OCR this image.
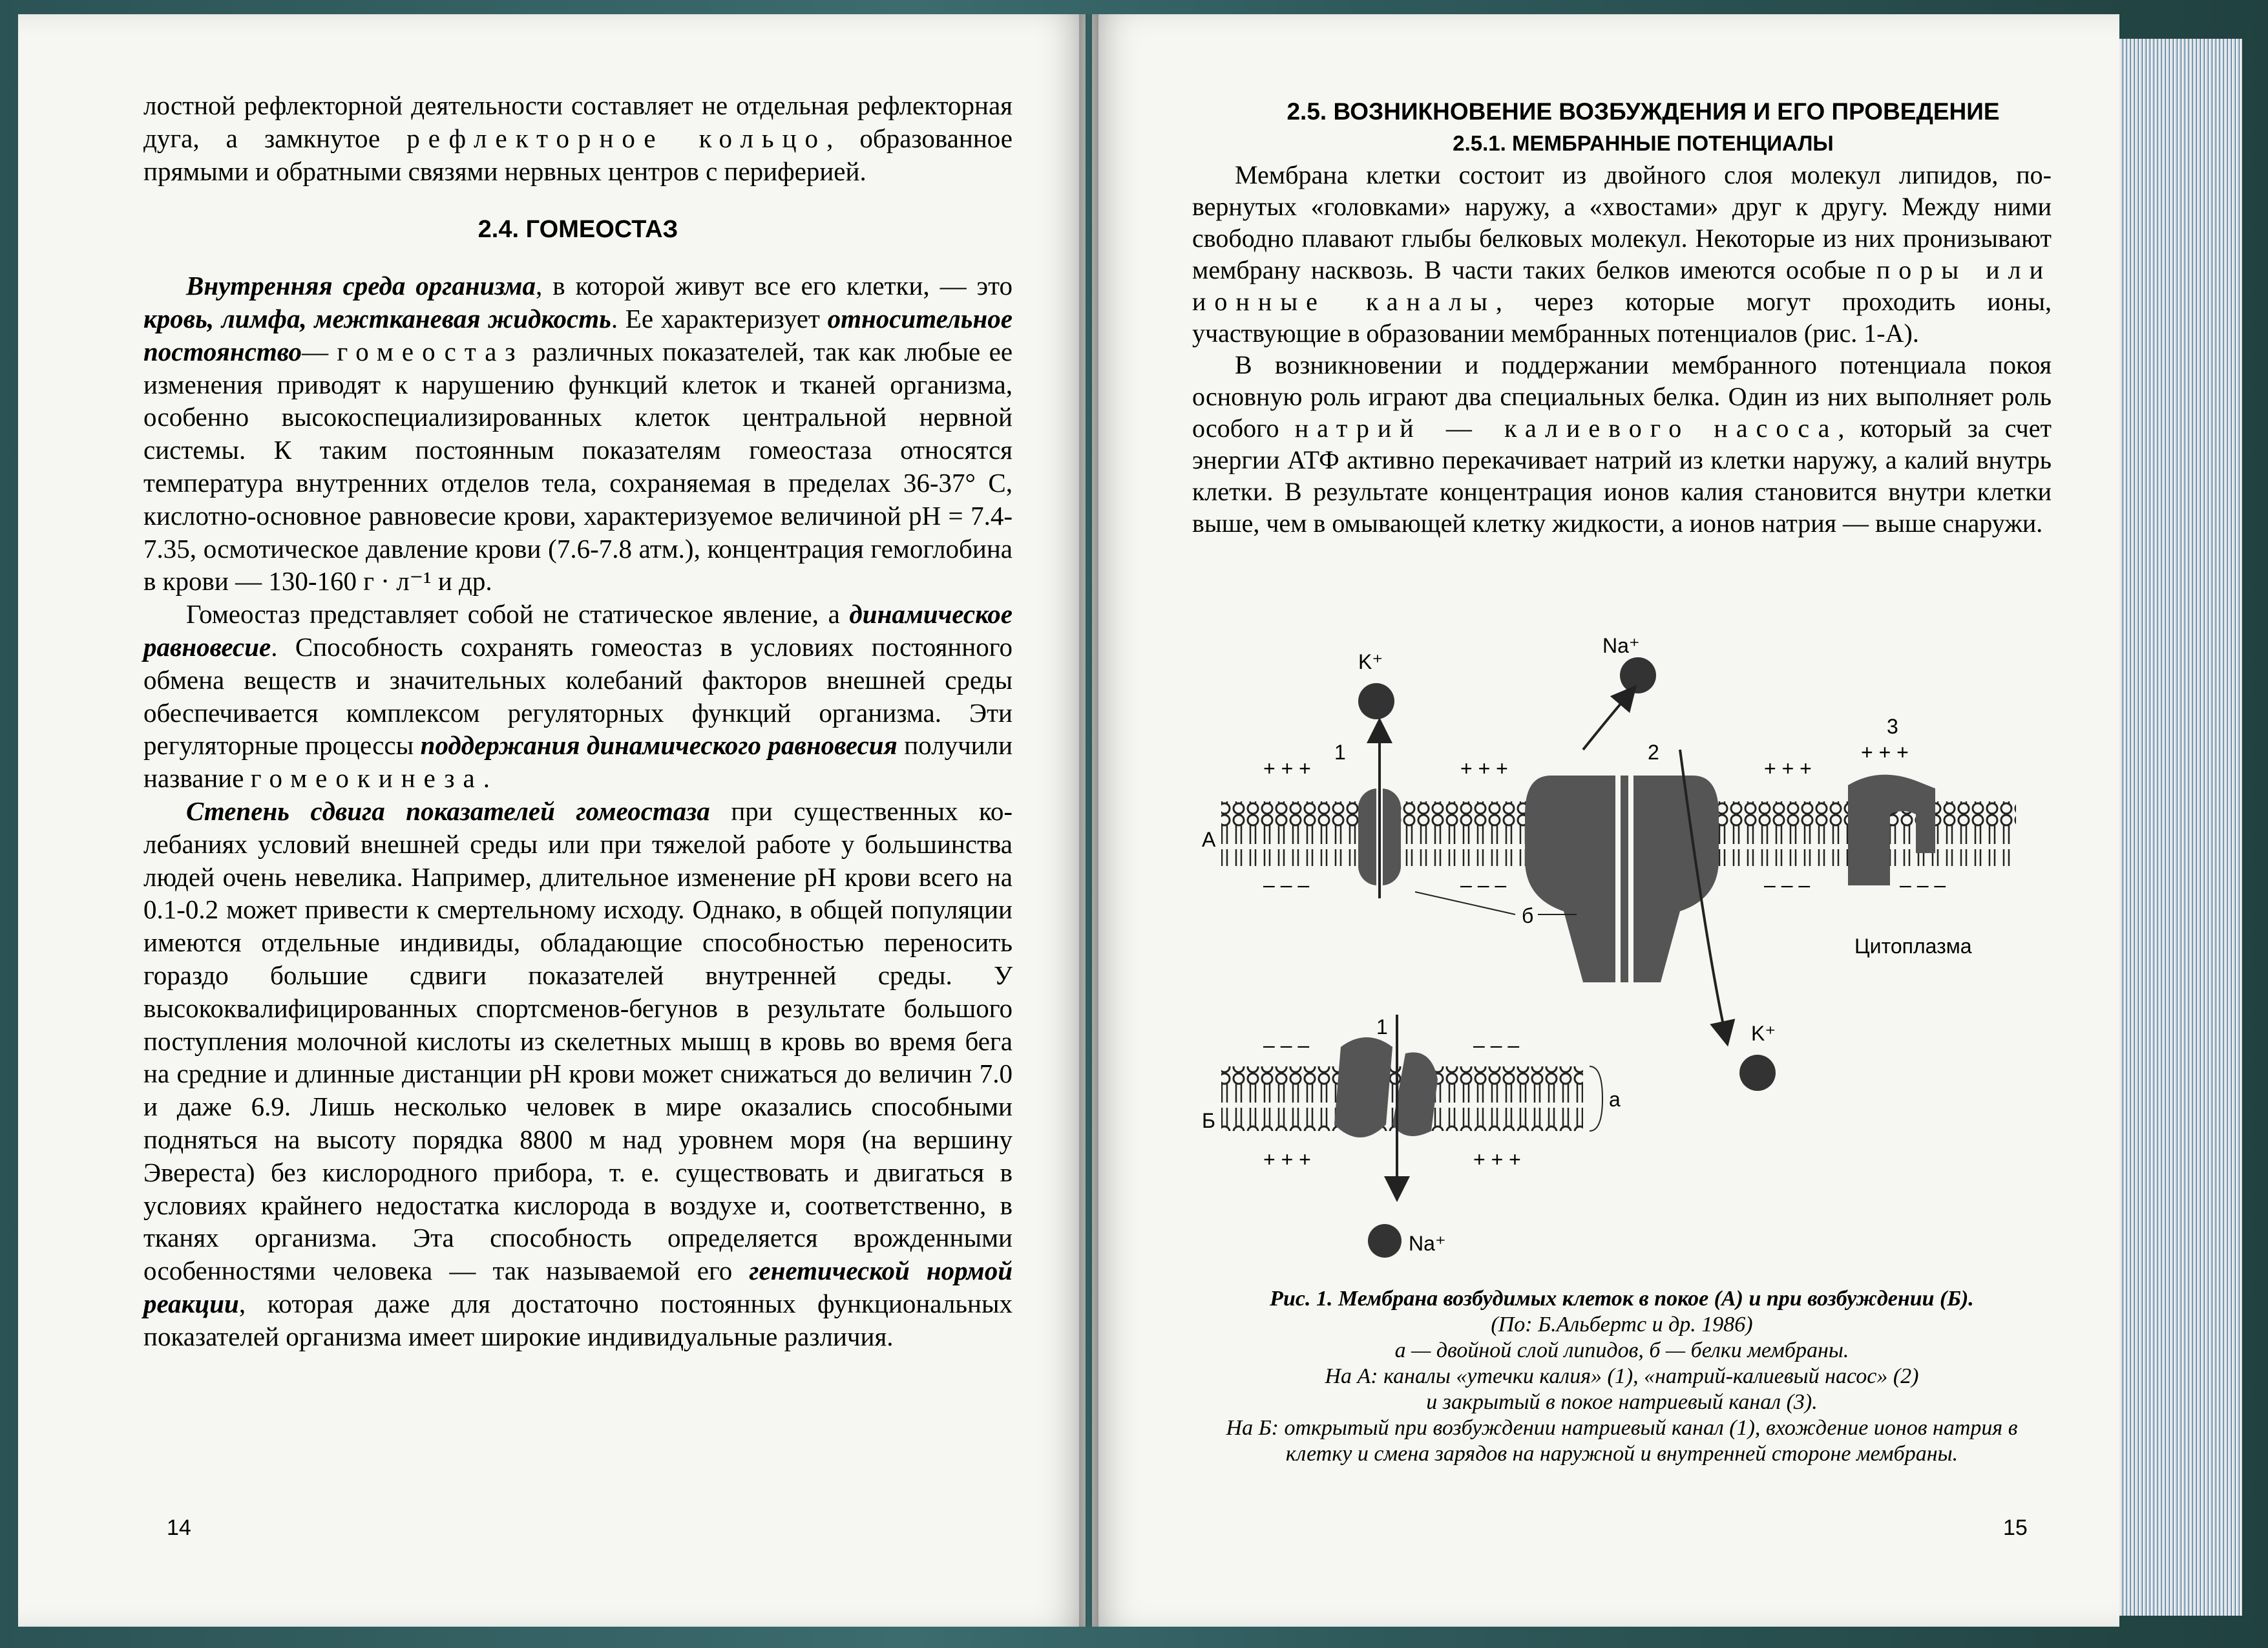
лостной рефлекторной деятельности составляет не отдельная рефлекторная дуга, а замкнутое рефлекторное кольцо, образованное прямыми и обратными связями нервных центров с периферией.

2.4. ГОМЕОСТАЗ

Внутренняя среда организма, в которой живут все его клетки, — это кровь, лимфа, межтканевая жидкость. Ее характеризует относительное постоянство— гомеостаз различных показателей, так как любые ее изменения приводят к нарушению функций клеток и тканей организма, особенно высокоспециализированных клеток центральной нервной системы. К таким постоянным показателям гомеостаза относятся температура внутренних отделов тела, сохраняемая в пределах 36-37° С, кислотно-основное равновесие крови, характеризуемое величиной pH = 7.4-7.35, осмотическое давление крови (7.6-7.8 атм.), концентрация гемоглобина в крови — 130-160 г · л⁻¹ и др.

Гомеостаз представляет собой не статическое явление, а динамическое равновесие. Способность сохранять гомеостаз в условиях постоянного обмена веществ и значительных колебаний факторов внешней среды обеспечивается комплексом регуляторных функций организма. Эти регуляторные процессы поддержания динамического равновесия получили название гомеокинеза.

Степень сдвига показателей гомеостаза при существенных колебаниях условий внешней среды или при тяжелой работе у большинства людей очень невелика. Например, длительное изменение pH крови всего на 0.1-0.2 может привести к смертельному исходу. Однако, в общей популяции имеются отдельные индивиды, обладающие способностью переносить гораздо большие сдвиги показателей внутренней среды. У высококвалифицированных спортсменов-бегунов в результате большого поступления молочной кислоты из скелетных мышц в кровь во время бега на средние и длинные дистанции pH крови может снижаться до величин 7.0 и даже 6.9. Лишь несколько человек в мире оказались способными подняться на высоту порядка 8800 м над уровнем моря (на вершину Эвереста) без кислородного прибора, т. е. существовать и двигаться в условиях крайнего недостатка кислорода в воздухе и, соответственно, в тканях организма. Эта способность определяется врожденными особенностями человека — так называемой его генетической нормой реакции, которая даже для достаточно постоянных функциональных показателей организма имеет широкие индивидуальные различия.

14

2.5. ВОЗНИКНОВЕНИЕ ВОЗБУЖДЕНИЯ И ЕГО ПРОВЕДЕНИЕ

2.5.1. МЕМБРАННЫЕ ПОТЕНЦИАЛЫ

Мембрана клетки состоит из двойного слоя молекул липидов, повернутых «головками» наружу, а «хвостами» друг к другу. Между ними свободно плавают глыбы белковых молекул. Некоторые из них пронизывают мембрану насквозь. В части таких белков имеются особые поры или ионные каналы, через которые могут проходить ионы, участвующие в образовании мембранных потенциалов (рис. 1-А).

В возникновении и поддержании мембранного потенциала покоя основную роль играют два специальных белка. Один из них выполняет роль особого натрий — калиевого насоса, который за счет энергии АТФ активно перекачивает натрий из клетки наружу, а калий внутрь клетки. В результате концентрация ионов калия становится внутри клетки выше, чем в омывающей клетку жидкости, а ионов натрия — выше снаружи.

+ + +	+ + +	+ + +
+ + +
– – –	– – –	– – –	– – –
А
K⁺
1
Na⁺
2
3
K⁺
б
Цитоплазма
1
Na⁺
Б
– – –	– – –
+ + +	+ + +
а
Рис. 1. Мембрана возбудимых клеток в покое (А) и при возбуждении (Б).
(По: Б.Альбертс и др. 1986)
а — двойной слой липидов, б — белки мембраны.
На А: каналы «утечки калия» (1), «натрий-калиевый насос» (2)
и закрытый в покое натриевый канал (3).
На Б: открытый при возбуждении натриевый канал (1), вхождение ионов натрия в клетку и смена зарядов на наружной и внутренней стороне мембраны.
15
